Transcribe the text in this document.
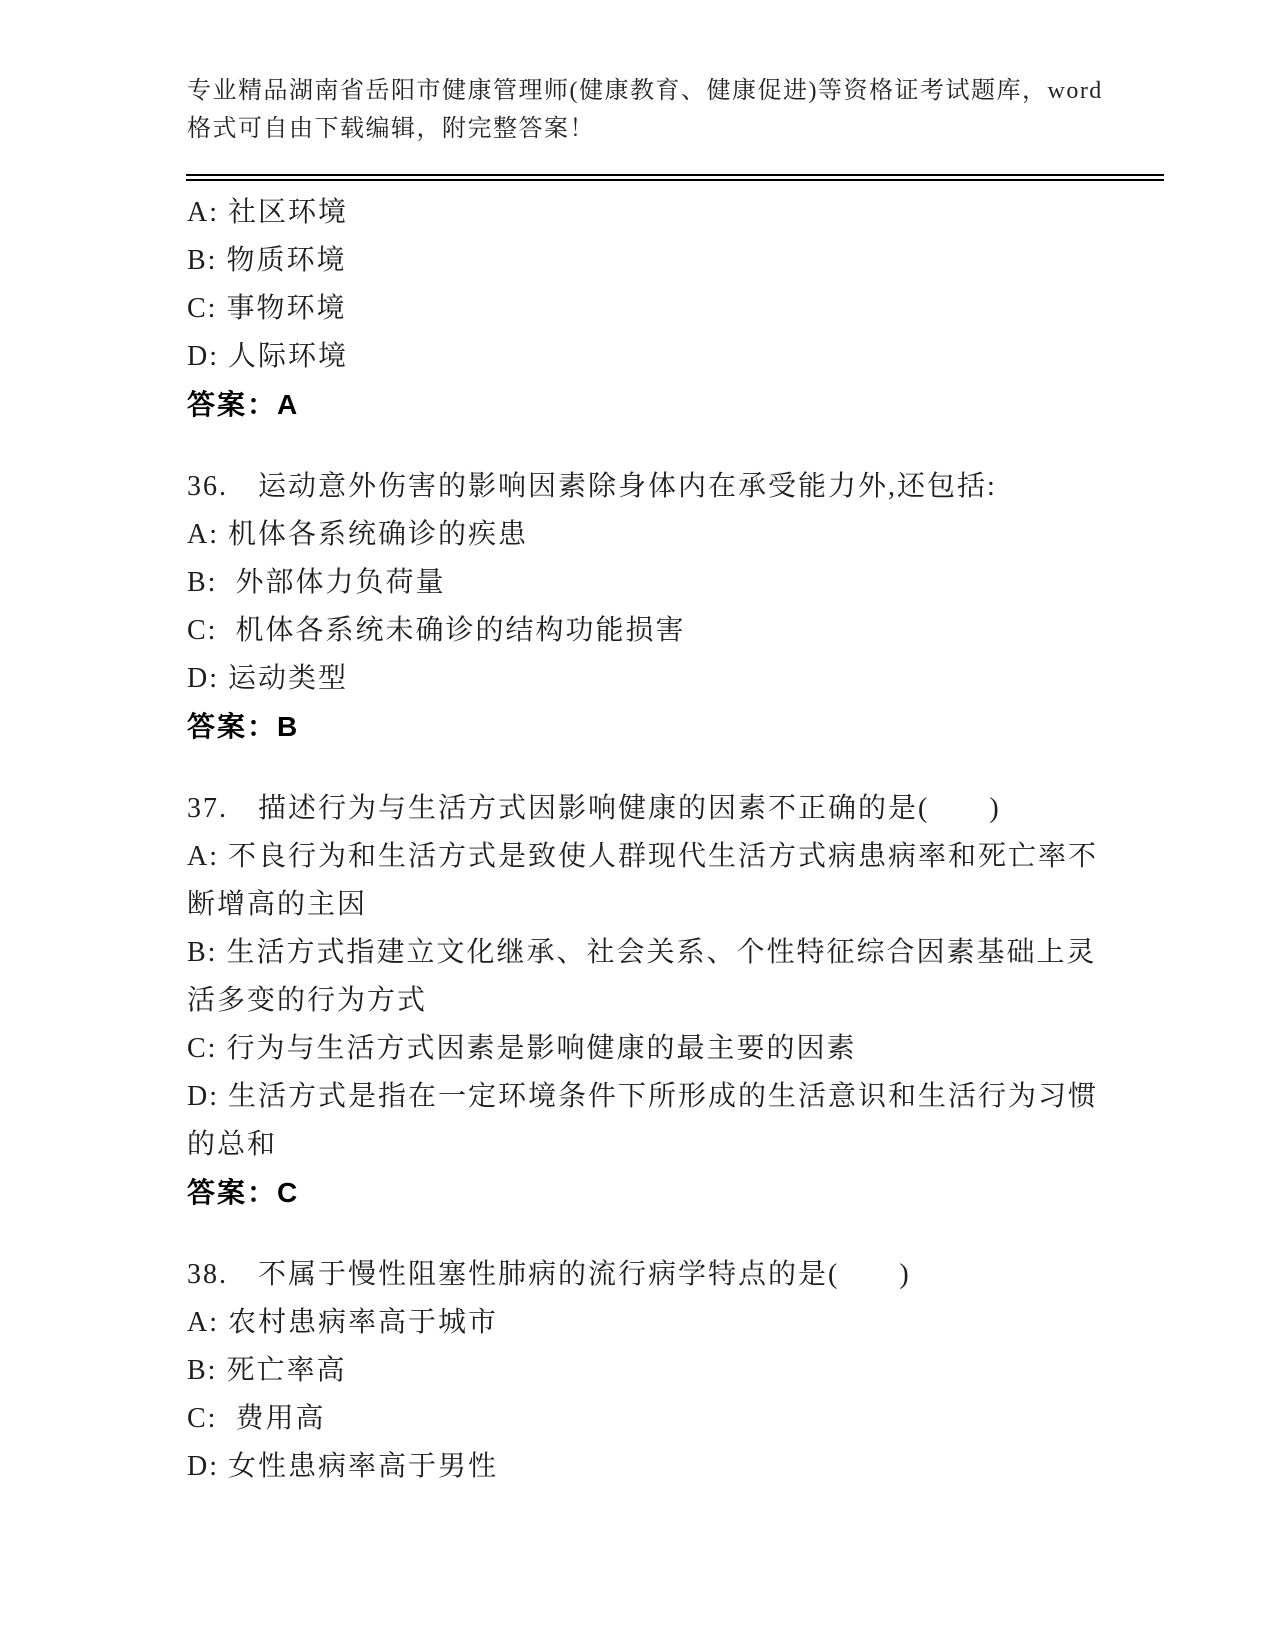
专业精品湖南省岳阳市健康管理师(健康教育、健康促进)等资格证考试题库，word
格式可自由下载编辑，附完整答案！
A: 社区环境
B: 物质环境
C: 事物环境
D: 人际环境
答案：A
36.　运动意外伤害的影响因素除身体内在承受能力外,还包括:
A: 机体各系统确诊的疾患
B:  外部体力负荷量
C:  机体各系统未确诊的结构功能损害
D: 运动类型
答案：B
37.　描述行为与生活方式因影响健康的因素不正确的是(　　)
A: 不良行为和生活方式是致使人群现代生活方式病患病率和死亡率不
断增高的主因
B: 生活方式指建立文化继承、社会关系、个性特征综合因素基础上灵
活多变的行为方式
C: 行为与生活方式因素是影响健康的最主要的因素
D: 生活方式是指在一定环境条件下所形成的生活意识和生活行为习惯
的总和
答案：C
38.　不属于慢性阻塞性肺病的流行病学特点的是(　　)
A: 农村患病率高于城市
B: 死亡率高
C:  费用高
D: 女性患病率高于男性
